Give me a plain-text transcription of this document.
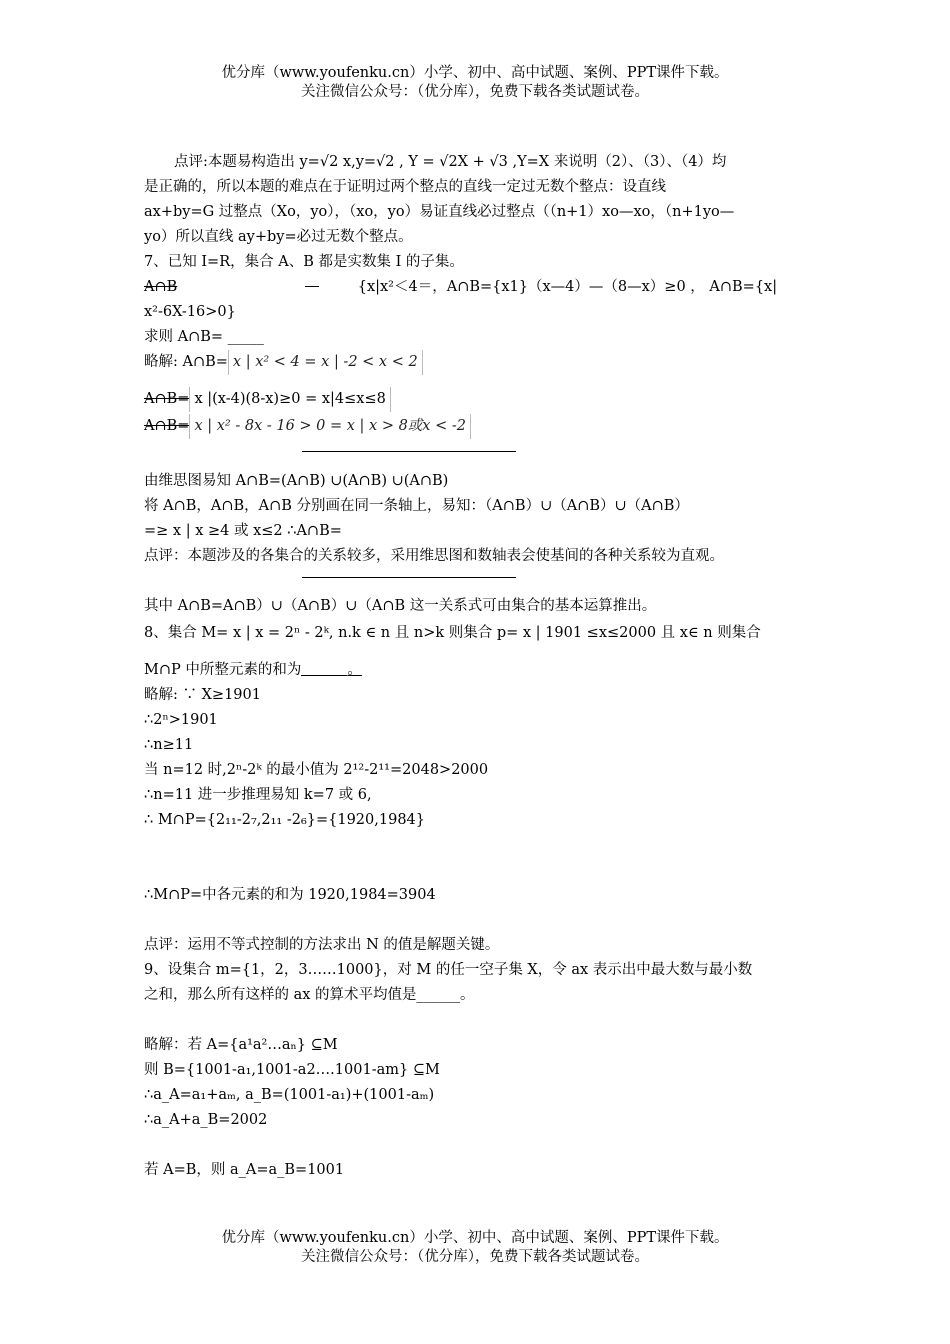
优分库（www.youfenku.cn）小学、初中、高中试题、案例、PPT课件下载。
关注微信公众号：（优分库），免费下载各类试题试卷。
点评:本题易构造出 y=√2 x,y=√2 , Y = √2X + √3 ,Y=X 来说明（2）、（3）、（4）均
是正确的，所以本题的难点在于证明过两个整点的直线一定过无数个整点：设直线
ax+by=G 过整点（Xo，yo），（xo，yo）易证直线必过整点（（n+1）xo—xo，（n+1yo—
yo）所以直线 ay+by=必过无数个整点。
7、已知 I=R，集合 A、B 都是实数集 I 的子集。
A∩B	{x|x²＜4＝，A∩B={x1}（x—4）—（8—x）≥0 ， A∩B={x|
x²-6X-16>0}
求则 A∩B= _____
略解: A∩B= x | x² < 4 = x | -2 < x < 2
A∩B= x |(x-4)(8-x)≥0 = x|4≤x≤8
A∩B= x | x² - 8x - 16 > 0 = x | x > 8或x < -2
由维思图易知 A∩B=(A∩B) ∪(A∩B) ∪(A∩B)
将 A∩B，A∩B，A∩B 分别画在同一条轴上，易知：（A∩B）∪（A∩B）∪（A∩B）
=≥ x | x ≥4 或 x≤2 ∴A∩B=
点评：本题涉及的各集合的关系较多，采用维思图和数轴表会使基间的各种关系较为直观。
其中 A∩B=A∩B）∪（A∩B）∪（A∩B 这一关系式可由集合的基本运算推出。
8、集合 M= x | x = 2ⁿ - 2ᵏ, n.k ∈ n 且 n>k 则集合 p= x | 1901 ≤x≤2000 且 x∈ n 则集合
M∩P 中所整元素的和为	。
略解: ∵ X≥1901
∴2ⁿ>1901
∴n≥11
当 n=12 时,2ⁿ-2ᵏ 的最小值为 2¹²-2¹¹=2048>2000
∴n=11 进一步推理易知 k=7 或 6,
∴ M∩P={2₁₁-2₇,2₁₁ -2₆}={1920,1984}
∴M∩P=中各元素的和为 1920,1984=3904
点评：运用不等式控制的方法求出 N 的值是解题关键。
9、设集合 m={1，2，3……1000}，对 M 的任一空子集 X，令 ax 表示出中最大数与最小数
之和，那么所有这样的 ax 的算术平均值是______。
略解：若 A={a¹a²…aₙ} ⊆M
则 B={1001-a₁,1001-a2….1001-am} ⊆M
∴a_A=a₁+aₘ, a_B=(1001-a₁)+(1001-aₘ)
∴a_A+a_B=2002
若 A=B，则 a_A=a_B=1001
优分库（www.youfenku.cn）小学、初中、高中试题、案例、PPT课件下载。
关注微信公众号：（优分库），免费下载各类试题试卷。
